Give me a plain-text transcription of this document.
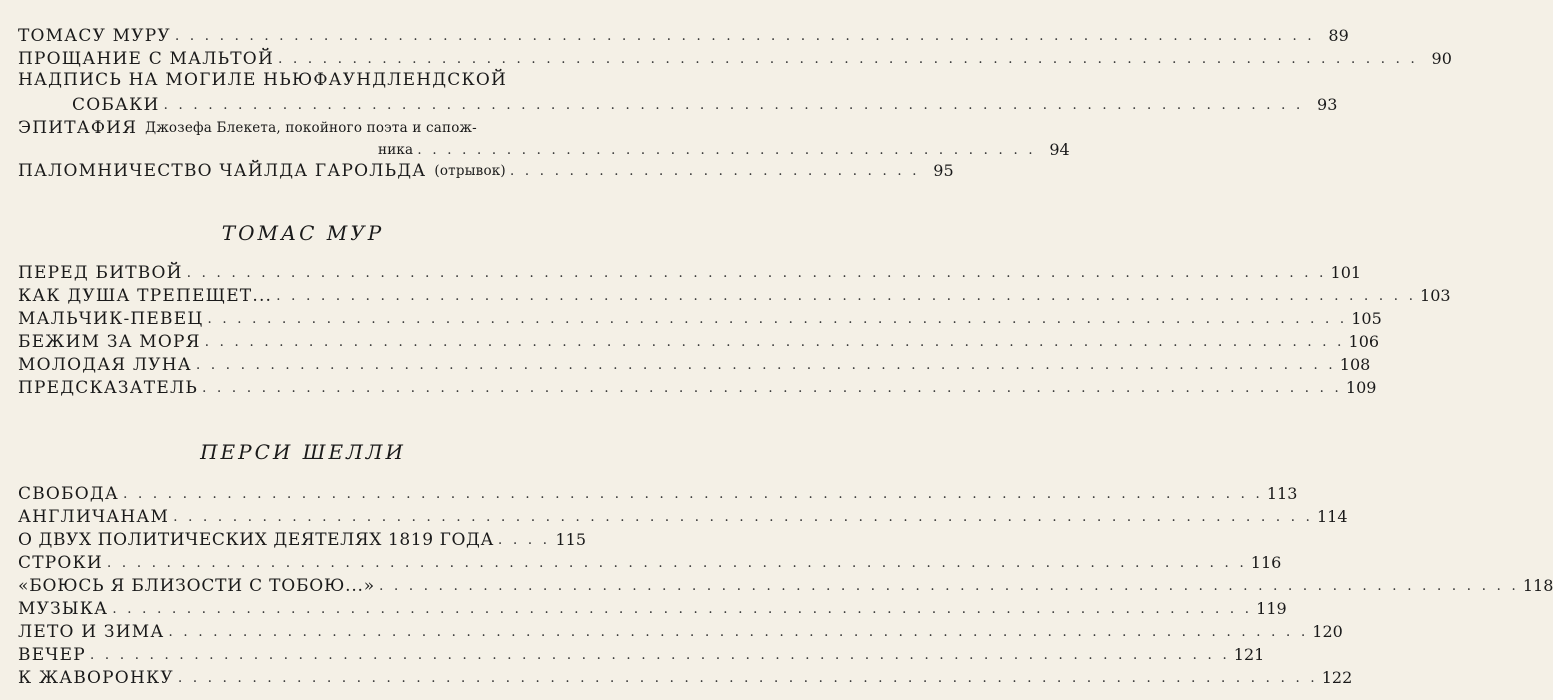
ТОМАСУ МУРУ . . . . . . . . . . . . . . . . . . . . . . . . . . . . . . . . . . . . . . . . . . . . . . . . . . . . . . . . . . . . . . . . . . . . . . . . . . . . . 89
ПРОЩАНИЕ С МАЛЬТОЙ . . . . . . . . . . . . . . . . . . . . . . . . . . . . . . . . . . . . . . . . . . . . . . . . . . . . . . . . . . . . . . . . . . . . . . . . . . . . . 90
НАДПИСЬ НА МОГИЛЕ НЬЮФАУНДЛЕНДСКОЙ
СОБАКИ . . . . . . . . . . . . . . . . . . . . . . . . . . . . . . . . . . . . . . . . . . . . . . . . . . . . . . . . . . . . . . . . . . . . . . . . . . . . . 93
ЭПИТАФИЯ Джозефа Блекета, покойного поэта и сапож-
ника . . . . . . . . . . . . . . . . . . . . . . . . . . . . . . . . . . . . . . . . . . 94
ПАЛОМНИЧЕСТВО ЧАЙЛДА ГАРОЛЬДА (отрывок) . . . . . . . . . . . . . . . . . . . . . . . . . . . . 95
ТОМАС МУР
ПЕРЕД БИТВОЙ . . . . . . . . . . . . . . . . . . . . . . . . . . . . . . . . . . . . . . . . . . . . . . . . . . . . . . . . . . . . . . . . . . . . . . . . . . . . . 101
КАК ДУША ТРЕПЕЩЕТ... . . . . . . . . . . . . . . . . . . . . . . . . . . . . . . . . . . . . . . . . . . . . . . . . . . . . . . . . . . . . . . . . . . . . . . . . . . . . . 103
МАЛЬЧИК-ПЕВЕЦ . . . . . . . . . . . . . . . . . . . . . . . . . . . . . . . . . . . . . . . . . . . . . . . . . . . . . . . . . . . . . . . . . . . . . . . . . . . . . 105
БЕЖИМ ЗА МОРЯ . . . . . . . . . . . . . . . . . . . . . . . . . . . . . . . . . . . . . . . . . . . . . . . . . . . . . . . . . . . . . . . . . . . . . . . . . . . . . 106
МОЛОДАЯ ЛУНА . . . . . . . . . . . . . . . . . . . . . . . . . . . . . . . . . . . . . . . . . . . . . . . . . . . . . . . . . . . . . . . . . . . . . . . . . . . . . 108
ПРЕДСКАЗАТЕЛЬ . . . . . . . . . . . . . . . . . . . . . . . . . . . . . . . . . . . . . . . . . . . . . . . . . . . . . . . . . . . . . . . . . . . . . . . . . . . . . 109
ПЕРСИ ШЕЛЛИ
СВОБОДА . . . . . . . . . . . . . . . . . . . . . . . . . . . . . . . . . . . . . . . . . . . . . . . . . . . . . . . . . . . . . . . . . . . . . . . . . . . . . 113
АНГЛИЧАНАМ . . . . . . . . . . . . . . . . . . . . . . . . . . . . . . . . . . . . . . . . . . . . . . . . . . . . . . . . . . . . . . . . . . . . . . . . . . . . . 114
О ДВУХ ПОЛИТИЧЕСКИХ ДЕЯТЕЛЯХ 1819 ГОДА . . . . 115
СТРОКИ . . . . . . . . . . . . . . . . . . . . . . . . . . . . . . . . . . . . . . . . . . . . . . . . . . . . . . . . . . . . . . . . . . . . . . . . . . . . . 116
«БОЮСЬ Я БЛИЗОСТИ С ТОБОЮ...» . . . . . . . . . . . . . . . . . . . . . . . . . . . . . . . . . . . . . . . . . . . . . . . . . . . . . . . . . . . . . . . . . . . . . . . . . . . . . 118
МУЗЫКА . . . . . . . . . . . . . . . . . . . . . . . . . . . . . . . . . . . . . . . . . . . . . . . . . . . . . . . . . . . . . . . . . . . . . . . . . . . . . 119
ЛЕТО И ЗИМА . . . . . . . . . . . . . . . . . . . . . . . . . . . . . . . . . . . . . . . . . . . . . . . . . . . . . . . . . . . . . . . . . . . . . . . . . . . . . 120
ВЕЧЕР . . . . . . . . . . . . . . . . . . . . . . . . . . . . . . . . . . . . . . . . . . . . . . . . . . . . . . . . . . . . . . . . . . . . . . . . . . . . . 121
К ЖАВОРОНКУ . . . . . . . . . . . . . . . . . . . . . . . . . . . . . . . . . . . . . . . . . . . . . . . . . . . . . . . . . . . . . . . . . . . . . . . . . . . . . 122
